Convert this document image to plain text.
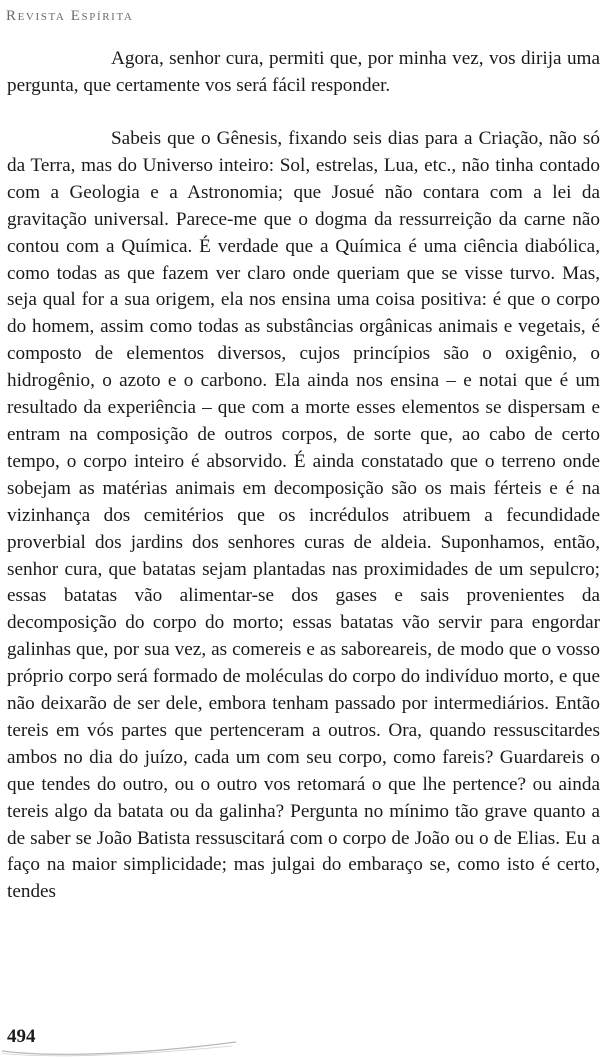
Revista Espírita

Agora, senhor cura, permiti que, por minha vez, vos dirija uma pergunta, que certamente vos será fácil responder.

Sabeis que o Gênesis, fixando seis dias para a Criação, não só da Terra, mas do Universo inteiro: Sol, estrelas, Lua, etc., não tinha contado com a Geologia e a Astronomia; que Josué não contara com a lei da gravitação universal. Parece-me que o dogma da ressurreição da carne não contou com a Química. É verdade que a Química é uma ciência diabólica, como todas as que fazem ver claro onde queriam que se visse turvo. Mas, seja qual for a sua origem, ela nos ensina uma coisa positiva: é que o corpo do homem, assim como todas as substâncias orgânicas animais e vegetais, é composto de elementos diversos, cujos princípios são o oxigênio, o hidrogênio, o azoto e o carbono. Ela ainda nos ensina – e notai que é um resultado da experiência – que com a morte esses elementos se dispersam e entram na composição de outros corpos, de sorte que, ao cabo de certo tempo, o corpo inteiro é absorvido. É ainda constatado que o terreno onde sobejam as matérias animais em decomposição são os mais férteis e é na vizinhança dos cemitérios que os incrédulos atribuem a fecundidade proverbial dos jardins dos senhores curas de aldeia. Suponhamos, então, senhor cura, que batatas sejam plantadas nas proximidades de um sepulcro; essas batatas vão alimentar-se dos gases e sais provenientes da decomposição do corpo do morto; essas batatas vão servir para engordar galinhas que, por sua vez, as comereis e as saboreareis, de modo que o vosso próprio corpo será formado de moléculas do corpo do indivíduo morto, e que não deixarão de ser dele, embora tenham passado por intermediários. Então tereis em vós partes que pertenceram a outros. Ora, quando ressuscitardes ambos no dia do juízo, cada um com seu corpo, como fareis? Guardareis o que tendes do outro, ou o outro vos retomará o que lhe pertence? ou ainda tereis algo da batata ou da galinha? Pergunta no mínimo tão grave quanto a de saber se João Batista ressuscitará com o corpo de João ou o de Elias. Eu a faço na maior simplicidade; mas julgai do embaraço se, como isto é certo, tendes

494
